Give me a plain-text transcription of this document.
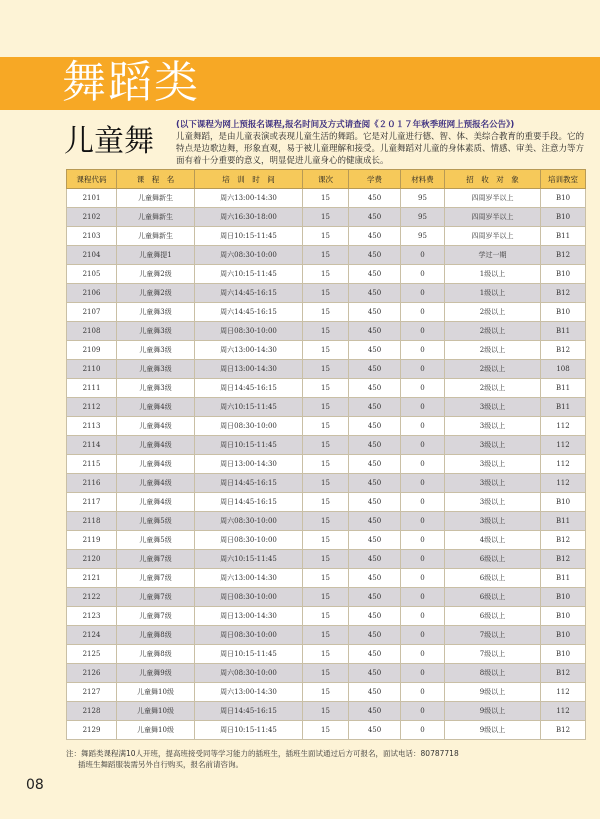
舞蹈类
儿童舞	(以下课程为网上预报名课程,报名时间及方式请查阅《２０１７年秋季班网上预报名公告》)
儿童舞蹈，是由儿童表演或表现儿童生活的舞蹈。它是对儿童进行德、智、体、美综合教育的重要手段。它的特点是边歌边舞，形象直观，易于被儿童理解和接受。儿童舞蹈对儿童的身体素质、情感、审美、注意力等方面有着十分重要的意义，明显促进儿童身心的健康成长。
课程代码	课　程　名	培　训　时　间	课次	学费	材料费	招　收　对　象	培训教室
2101	儿童舞新生	周六13:00-14:30	15	450	95	四周岁半以上	B10
2102	儿童舞新生	周六16:30-18:00	15	450	95	四周岁半以上	B10
2103	儿童舞新生	周日10:15-11:45	15	450	95	四周岁半以上	B11
2104	儿童舞提1	周六08:30-10:00	15	450	0	学过一期	B12
2105	儿童舞2级	周六10:15-11:45	15	450	0	1级以上	B10
2106	儿童舞2级	周六14:45-16:15	15	450	0	1级以上	B12
2107	儿童舞3级	周六14:45-16:15	15	450	0	2级以上	B10
2108	儿童舞3级	周日08:30-10:00	15	450	0	2级以上	B11
2109	儿童舞3级	周六13:00-14:30	15	450	0	2级以上	B12
2110	儿童舞3级	周日13:00-14:30	15	450	0	2级以上	108
2111	儿童舞3级	周日14:45-16:15	15	450	0	2级以上	B11
2112	儿童舞4级	周六10:15-11:45	15	450	0	3级以上	B11
2113	儿童舞4级	周日08:30-10:00	15	450	0	3级以上	112
2114	儿童舞4级	周日10:15-11:45	15	450	0	3级以上	112
2115	儿童舞4级	周日13:00-14:30	15	450	0	3级以上	112
2116	儿童舞4级	周日14:45-16:15	15	450	0	3级以上	112
2117	儿童舞4级	周日14:45-16:15	15	450	0	3级以上	B10
2118	儿童舞5级	周六08:30-10:00	15	450	0	3级以上	B11
2119	儿童舞5级	周日08:30-10:00	15	450	0	4级以上	B12
2120	儿童舞7级	周六10:15-11:45	15	450	0	6级以上	B12
2121	儿童舞7级	周六13:00-14:30	15	450	0	6级以上	B11
2122	儿童舞7级	周日08:30-10:00	15	450	0	6级以上	B10
2123	儿童舞7级	周日13:00-14:30	15	450	0	6级以上	B10
2124	儿童舞8级	周日08:30-10:00	15	450	0	7级以上	B10
2125	儿童舞8级	周日10:15-11:45	15	450	0	7级以上	B10
2126	儿童舞9级	周六08:30-10:00	15	450	0	8级以上	B12
2127	儿童舞10级	周六13:00-14:30	15	450	0	9级以上	112
2128	儿童舞10级	周日14:45-16:15	15	450	0	9级以上	112
2129	儿童舞10级	周日10:15-11:45	15	450	0	9级以上	B12
注：舞蹈类课程满10人开班，提高班接受同等学习能力的插班生，插班生面试通过后方可报名，面试电话：80787718
插班生舞蹈服装需另外自行购买，报名前请咨询。
08
